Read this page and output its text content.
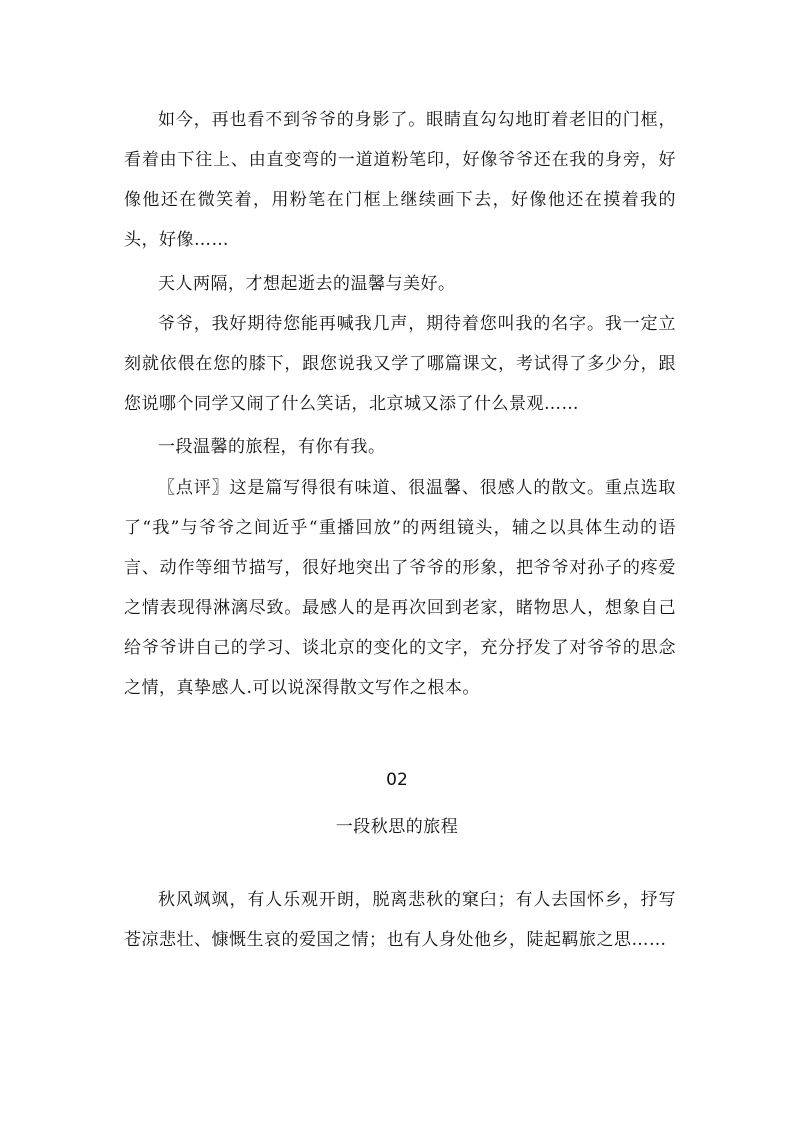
如今，再也看不到爷爷的身影了。眼睛直勾勾地盯着老旧的门框，看着由下往上、由直变弯的一道道粉笔印，好像爷爷还在我的身旁，好像他还在微笑着，用粉笔在门框上继续画下去，好像他还在摸着我的头，好像……

天人两隔，才想起逝去的温馨与美好。

爷爷，我好期待您能再喊我几声，期待着您叫我的名字。我一定立刻就依偎在您的膝下，跟您说我又学了哪篇课文，考试得了多少分，跟您说哪个同学又闹了什么笑话，北京城又添了什么景观……

一段温馨的旅程，有你有我。

〖点评〗这是篇写得很有味道、很温馨、很感人的散文。重点选取了“我”与爷爷之间近乎“重播回放”的两组镜头，辅之以具体生动的语言、动作等细节描写，很好地突出了爷爷的形象，把爷爷对孙子的疼爱之情表现得淋漓尽致。最感人的是再次回到老家，睹物思人，想象自己给爷爷讲自己的学习、谈北京的变化的文字，充分抒发了对爷爷的思念之情，真挚感人.可以说深得散文写作之根本。

02

一段秋思的旅程

秋风飒飒，有人乐观开朗，脱离悲秋的窠臼；有人去国怀乡，抒写苍凉悲壮、慷慨生哀的爱国之情；也有人身处他乡，陡起羁旅之思……
